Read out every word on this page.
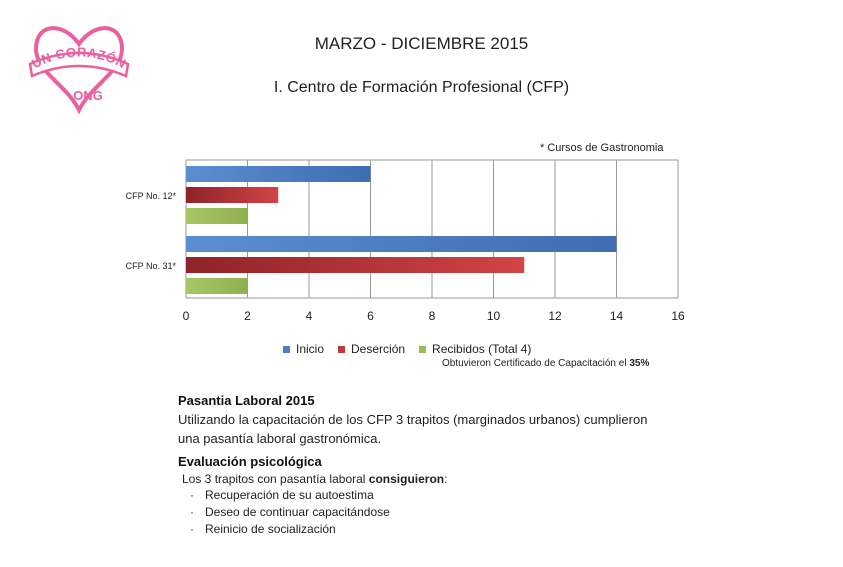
UN CORAZÓN
ONG
MARZO - DICIEMBRE 2015
I. Centro de Formación Profesional (CFP)
* Cursos de Gastronomia
0	2	4	6	8	10	12	14	16
CFP No. 12*
CFP No. 31*
Inicio Deserción Recibidos (Total 4)
Obtuvieron Certificado de Capacitación el 35%
Pasantia Laboral 2015
Utilizando la capacitación de los CFP 3 trapitos (marginados urbanos) cumplieron
una pasantía laboral gastronómica.
Evaluación psicológica
Los 3 trapitos con pasantía laboral consiguieron:
· Recuperación de su autoestima
· Deseo de continuar capacitándose
· Reinicio de socialización
